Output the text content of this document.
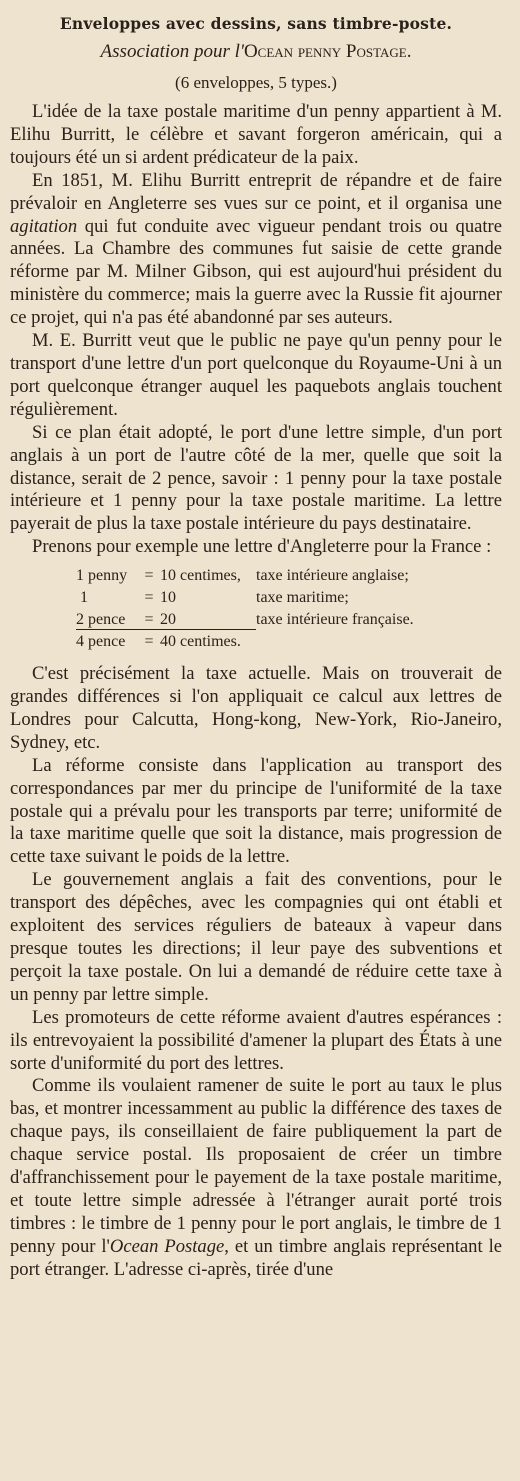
Enveloppes avec dessins, sans timbre-poste.
Association pour l'Ocean penny Postage.
(6 enveloppes, 5 types.)

L'idée de la taxe postale maritime d'un penny appartient à M. Elihu Burritt, le célèbre et savant forgeron américain, qui a toujours été un si ardent prédicateur de la paix.

En 1851, M. Elihu Burritt entreprit de répandre et de faire prévaloir en Angleterre ses vues sur ce point, et il organisa une agitation qui fut conduite avec vigueur pendant trois ou quatre années. La Chambre des communes fut saisie de cette grande réforme par M. Milner Gibson, qui est aujourd'hui président du ministère du commerce; mais la guerre avec la Russie fit ajourner ce projet, qui n'a pas été abandonné par ses auteurs.

M. E. Burritt veut que le public ne paye qu'un penny pour le transport d'une lettre d'un port quelconque du Royaume-Uni à un port quelconque étranger auquel les paquebots anglais touchent régulièrement.

Si ce plan était adopté, le port d'une lettre simple, d'un port anglais à un port de l'autre côté de la mer, quelle que soit la distance, serait de 2 pence, savoir : 1 penny pour la taxe postale intérieure et 1 penny pour la taxe postale maritime. La lettre payerait de plus la taxe postale intérieure du pays destinataire.

Prenons pour exemple une lettre d'Angleterre pour la France :

1 penny	= 10 centimes, taxe intérieure anglaise;
1	= 10	taxe maritime;
2 pence	= 20	taxe intérieure française.
4 pence	= 40 centimes.

C'est précisément la taxe actuelle. Mais on trouverait de grandes différences si l'on appliquait ce calcul aux lettres de Londres pour Calcutta, Hong-kong, New-York, Rio-Janeiro, Sydney, etc.

La réforme consiste dans l'application au transport des correspondances par mer du principe de l'uniformité de la taxe postale qui a prévalu pour les transports par terre; uniformité de la taxe maritime quelle que soit la distance, mais progression de cette taxe suivant le poids de la lettre.

Le gouvernement anglais a fait des conventions, pour le transport des dépêches, avec les compagnies qui ont établi et exploitent des services réguliers de bateaux à vapeur dans presque toutes les directions; il leur paye des subventions et perçoit la taxe postale. On lui a demandé de réduire cette taxe à un penny par lettre simple.

Les promoteurs de cette réforme avaient d'autres espérances : ils entrevoyaient la possibilité d'amener la plupart des États à une sorte d'uniformité du port des lettres.

Comme ils voulaient ramener de suite le port au taux le plus bas, et montrer incessamment au public la différence des taxes de chaque pays, ils conseillaient de faire publiquement la part de chaque service postal. Ils proposaient de créer un timbre d'affranchissement pour le payement de la taxe postale maritime, et toute lettre simple adressée à l'étranger aurait porté trois timbres : le timbre de 1 penny pour le port anglais, le timbre de 1 penny pour l'Ocean Postage, et un timbre anglais représentant le port étranger. L'adresse ci-après, tirée d'une
